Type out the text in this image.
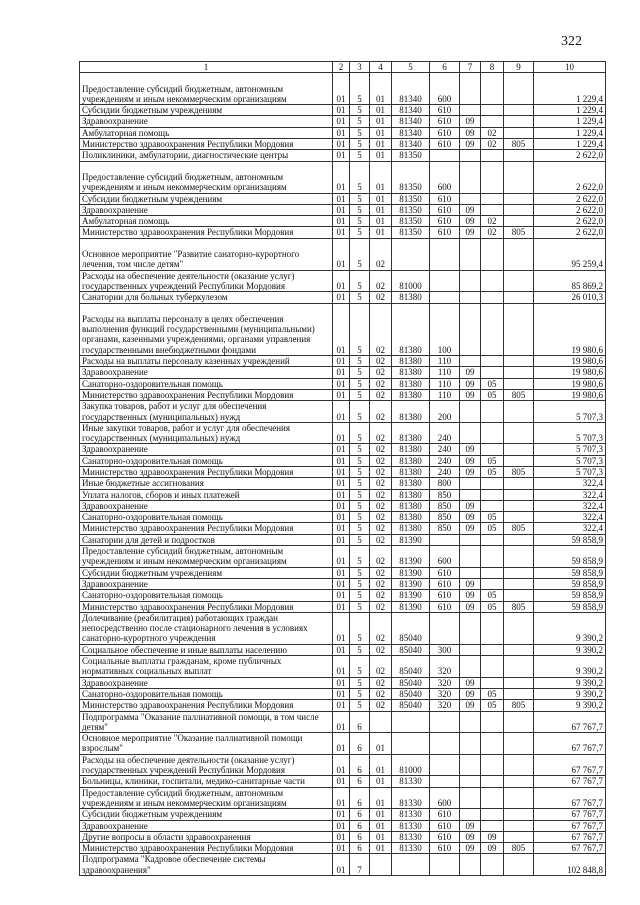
322
1	2	3	4	5	6	7	8	9	10
Предоставление субсидий бюджетным, автономным учреждениям и иным некоммерческим организациям	01	5	01	81340	600				1 229,4
Субсидии бюджетным учреждениям	01	5	01	81340	610				1 229,4
Здравоохранение	01	5	01	81340	610	09			1 229,4
Амбулаторная помощь	01	5	01	81340	610	09	02		1 229,4
Министерство здравоохранения Республики Мордовия	01	5	01	81340	610	09	02	805	1 229,4
Поликлиники, амбулатории, диагностические центры	01	5	01	81350					2 622,0
Предоставление субсидий бюджетным, автономным учреждениям и иным некоммерческим организациям	01	5	01	81350	600				2 622,0
Субсидии бюджетным учреждениям	01	5	01	81350	610				2 622,0
Здравоохранение	01	5	01	81350	610	09			2 622,0
Амбулаторная помощь	01	5	01	81350	610	09	02		2 622,0
Министерство здравоохранения Республики Мордовия	01	5	01	81350	610	09	02	805	2 622,0
Основное мероприятие "Развитие санаторно-курортного лечения, том числе детям"	01	5	02						95 259,4
Расходы на обеспечение деятельности (оказание услуг) государственных учреждений Республики Мордовия	01	5	02	81000					85 869,2
Санатории для больных туберкулезом	01	5	02	81380					26 010,3
Расходы на выплаты персоналу в целях обеспечения выполнения функций государственными (муниципальными) органами, казенными учреждениями, органами управления государственными внебюджетными фондами	01	5	02	81380	100				19 980,6
Расходы на выплаты персоналу казенных учреждений	01	5	02	81380	110				19 980,6
Здравоохранение	01	5	02	81380	110	09			19 980,6
Санаторно-оздоровительная помощь	01	5	02	81380	110	09	05		19 980,6
Министерство здравоохранения Республики Мордовия	01	5	02	81380	110	09	05	805	19 980,6
Закупка товаров, работ и услуг для обеспечения государственных (муниципальных) нужд	01	5	02	81380	200				5 707,3
Иные закупки товаров, работ и услуг для обеспечения государственных (муниципальных) нужд	01	5	02	81380	240				5 707,3
Здравоохранение	01	5	02	81380	240	09			5 707,3
Санаторно-оздоровительная помощь	01	5	02	81380	240	09	05		5 707,3
Министерство здравоохранения Республики Мордовия	01	5	02	81380	240	09	05	805	5 707,3
Иные бюджетные ассигнования	01	5	02	81380	800				322,4
Уплата налогов, сборов и иных платежей	01	5	02	81380	850				322,4
Здравоохранение	01	5	02	81380	850	09			322,4
Санаторно-оздоровительная помощь	01	5	02	81380	850	09	05		322,4
Министерство здравоохранения Республики Мордовия	01	5	02	81380	850	09	05	805	322,4
Санатории для детей и подростков	01	5	02	81390					59 858,9
Предоставление субсидий бюджетным, автономным учреждениям и иным некоммерческим организациям	01	5	02	81390	600				59 858,9
Субсидии бюджетным учреждениям	01	5	02	81390	610				59 858,9
Здравоохранение	01	5	02	81390	610	09			59 858,9
Санаторно-оздоровительная помощь	01	5	02	81390	610	09	05		59 858,9
Министерство здравоохранения Республики Мордовия	01	5	02	81390	610	09	05	805	59 858,9
Долечивание (реабилитация) работающих граждан непосредственно после стационарного лечения в условиях санаторно-курортного учреждения	01	5	02	85040					9 390,2
Социальное обеспечение и иные выплаты населению	01	5	02	85040	300				9 390,2
Социальные выплаты гражданам, кроме публичных нормативных социальных выплат	01	5	02	85040	320				9 390,2
Здравоохранение	01	5	02	85040	320	09			9 390,2
Санаторно-оздоровительная помощь	01	5	02	85040	320	09	05		9 390,2
Министерство здравоохранения Республики Мордовия	01	5	02	85040	320	09	05	805	9 390,2
Подпрограмма "Оказание паллиативной помощи, в том числе детям"	01	6							67 767,7
Основное мероприятие "Оказание паллиативной помощи взрослым"	01	6	01						67 767,7
Расходы на обеспечение деятельности (оказание услуг) государственных учреждений Республики Мордовия	01	6	01	81000					67 767,7
Больницы, клиники, госпитали, медико-санитарные части	01	6	01	81330					67 767,7
Предоставление субсидий бюджетным, автономным учреждениям и иным некоммерческим организациям	01	6	01	81330	600				67 767,7
Субсидии бюджетным учреждениям	01	6	01	81330	610				67 767,7
Здравоохранение	01	6	01	81330	610	09			67 767,7
Другие вопросы в области здравоохранения	01	6	01	81330	610	09	09		67 767,7
Министерство здравоохранения Республики Мордовия	01	6	01	81330	610	09	09	805	67 767,7
Подпрограмма "Кадровое обеспечение системы здравоохранения"	01	7							102 848,8
